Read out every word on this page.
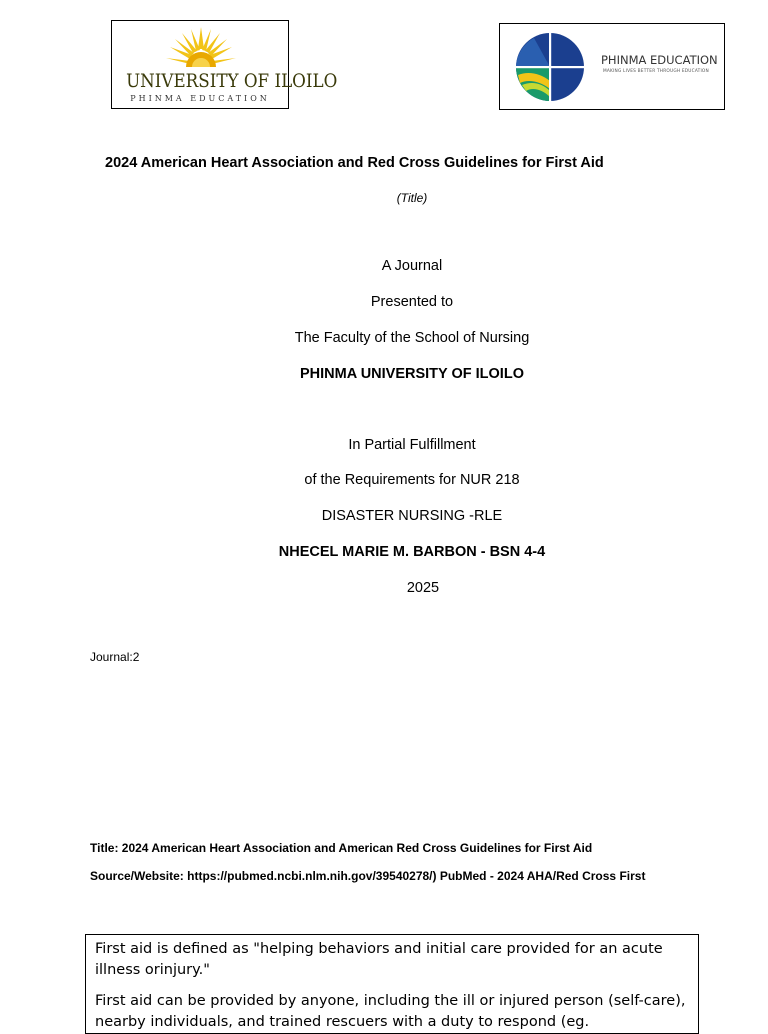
UNIVERSITY OF ILOILO
PHINMA EDUCATION
PHINMA EDUCATION
MAKING LIVES BETTER THROUGH EDUCATION
2024 American Heart Association and Red Cross Guidelines for First Aid
(Title)
A Journal
Presented to
The Faculty of the School of Nursing
PHINMA UNIVERSITY OF ILOILO
In Partial Fulfillment
of the Requirements for NUR 218
DISASTER NURSING -RLE
NHECEL MARIE M. BARBON - BSN 4-4
2025
Journal:2
Title: 2024 American Heart Association and American Red Cross Guidelines for First Aid
Source/Website: https://pubmed.ncbi.nlm.nih.gov/39540278/) PubMed - 2024 AHA/Red Cross First

First aid is defined as "helping behaviors and initial care provided for an acute illness orinjury."

First aid can be provided by anyone, including the ill or injured person (self-care), nearby individuals, and trained rescuers with a duty to respond (eg.
